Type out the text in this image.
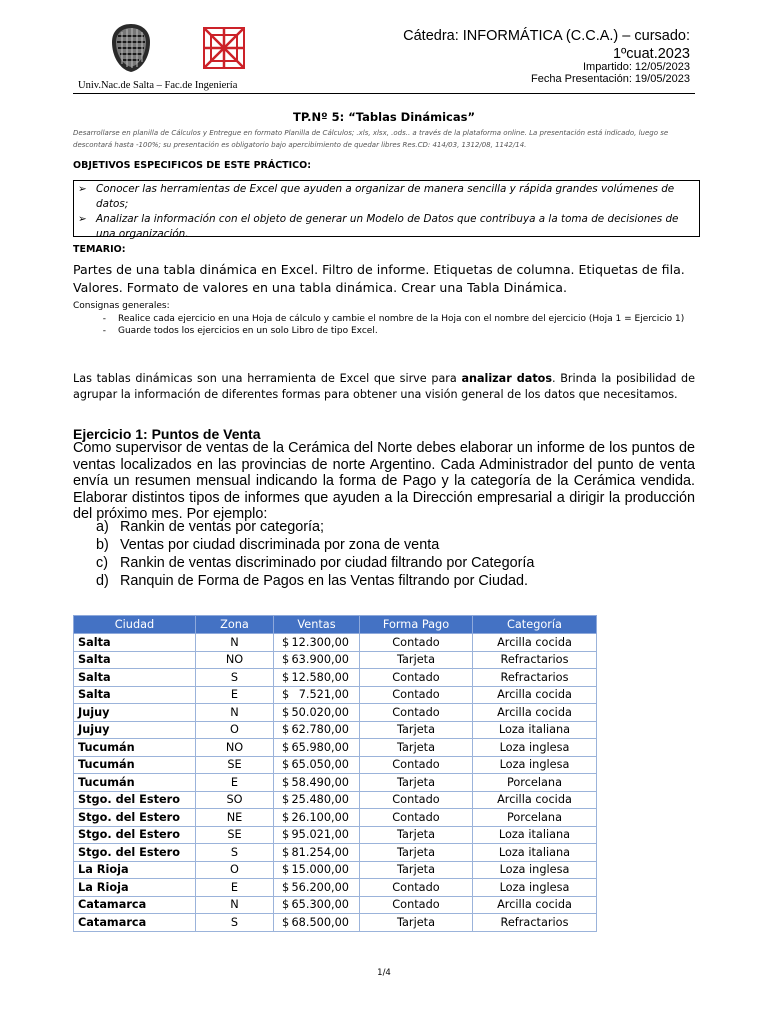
Univ.Nac.de Salta – Fac.de Ingeniería
Cátedra: INFORMÁTICA (C.C.A.) – cursado:
1ºcuat.2023
Impartido: 12/05/2023
Fecha Presentación: 19/05/2023
TP.Nº 5: “Tablas Dinámicas”
Desarrollarse en planilla de Cálculos y Entregue en formato Planilla de Cálculos; .xls, xlsx, .ods.. a través de la plataforma online. La presentación está indicado, luego se descontará hasta -100%; su presentación es obligatorio bajo apercibimiento de quedar libres Res.CD: 414/03, 1312/08, 1142/14.
OBJETIVOS ESPECIFICOS DE ESTE PRÁCTICO:
➢ Conocer las herramientas de Excel que ayuden a organizar de manera sencilla y rápida grandes volúmenes de datos;
➢ Analizar la información con el objeto de generar un Modelo de Datos que contribuya a la toma de decisiones de una organización.
TEMARIO:
Partes de una tabla dinámica en Excel. Filtro de informe. Etiquetas de columna. Etiquetas de fila. Valores. Formato de valores en una tabla dinámica. Crear una Tabla Dinámica.
Consignas generales:
-	Realice cada ejercicio en una Hoja de cálculo y cambie el nombre de la Hoja con el nombre del ejercicio (Hoja 1 = Ejercicio 1)
-	Guarde todos los ejercicios en un solo Libro de tipo Excel.
Las tablas dinámicas son una herramienta de Excel que sirve para analizar datos. Brinda la posibilidad de agrupar la información de diferentes formas para obtener una visión general de los datos que necesitamos.
Ejercicio 1: Puntos de Venta
Como supervisor de ventas de la Cerámica del Norte debes elaborar un informe de los puntos de ventas localizados en las provincias de norte Argentino. Cada Administrador del punto de venta envía un resumen mensual indicando la forma de Pago y la categoría de la Cerámica vendida. Elaborar distintos tipos de informes que ayuden a la Dirección empresarial a dirigir la producción del próximo mes. Por ejemplo:
a) Rankin de ventas por categoría;
b) Ventas por ciudad discriminada por zona de venta
c) Rankin de ventas discriminado por ciudad filtrando por Categoría
d) Ranquin de Forma de Pagos en las Ventas filtrando por Ciudad.
Ciudad	Zona	Ventas	Forma Pago	Categoría
Salta	N	$ 12.300,00	Contado	Arcilla cocida
Salta	NO	$ 63.900,00	Tarjeta	Refractarios
Salta	S	$ 12.580,00	Contado	Refractarios
Salta	E	$ 7.521,00	Contado	Arcilla cocida
Jujuy	N	$ 50.020,00	Contado	Arcilla cocida
Jujuy	O	$ 62.780,00	Tarjeta	Loza italiana
Tucumán	NO	$ 65.980,00	Tarjeta	Loza inglesa
Tucumán	SE	$ 65.050,00	Contado	Loza inglesa
Tucumán	E	$ 58.490,00	Tarjeta	Porcelana
Stgo. del Estero	SO	$ 25.480,00	Contado	Arcilla cocida
Stgo. del Estero	NE	$ 26.100,00	Contado	Porcelana
Stgo. del Estero	SE	$ 95.021,00	Tarjeta	Loza italiana
Stgo. del Estero	S	$ 81.254,00	Tarjeta	Loza italiana
La Rioja	O	$ 15.000,00	Tarjeta	Loza inglesa
La Rioja	E	$ 56.200,00	Contado	Loza inglesa
Catamarca	N	$ 65.300,00	Contado	Arcilla cocida
Catamarca	S	$ 68.500,00	Tarjeta	Refractarios
1/4
